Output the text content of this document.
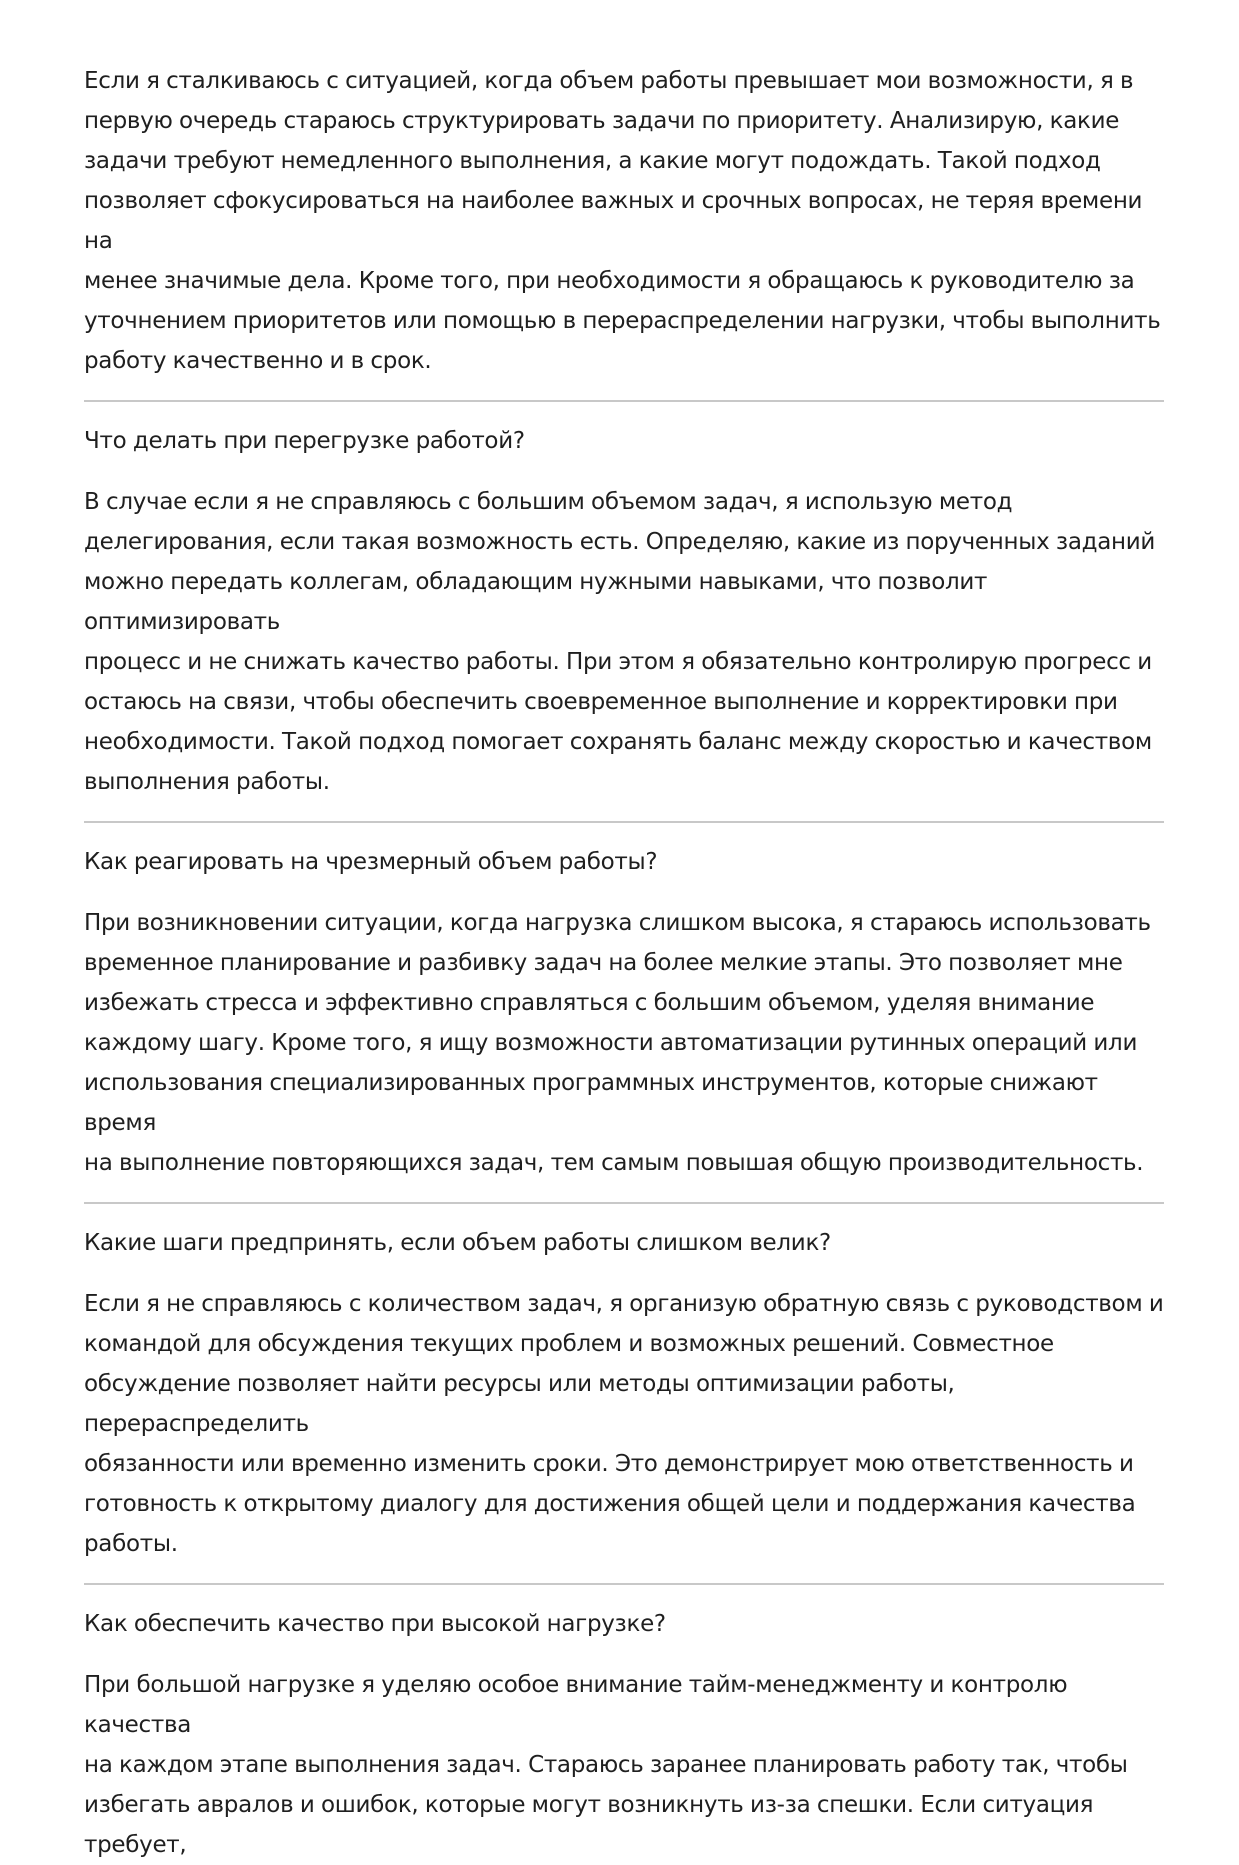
Если я сталкиваюсь с ситуацией, когда объем работы превышает мои возможности, я в
первую очередь стараюсь структурировать задачи по приоритету. Анализирую, какие
задачи требуют немедленного выполнения, а какие могут подождать. Такой подход
позволяет сфокусироваться на наиболее важных и срочных вопросах, не теряя времени на
менее значимые дела. Кроме того, при необходимости я обращаюсь к руководителю за
уточнением приоритетов или помощью в перераспределении нагрузки, чтобы выполнить
работу качественно и в срок.

Что делать при перегрузке работой?

В случае если я не справляюсь с большим объемом задач, я использую метод
делегирования, если такая возможность есть. Определяю, какие из порученных заданий
можно передать коллегам, обладающим нужными навыками, что позволит оптимизировать
процесс и не снижать качество работы. При этом я обязательно контролирую прогресс и
остаюсь на связи, чтобы обеспечить своевременное выполнение и корректировки при
необходимости. Такой подход помогает сохранять баланс между скоростью и качеством
выполнения работы.

Как реагировать на чрезмерный объем работы?

При возникновении ситуации, когда нагрузка слишком высока, я стараюсь использовать
временное планирование и разбивку задач на более мелкие этапы. Это позволяет мне
избежать стресса и эффективно справляться с большим объемом, уделяя внимание
каждому шагу. Кроме того, я ищу возможности автоматизации рутинных операций или
использования специализированных программных инструментов, которые снижают время
на выполнение повторяющихся задач, тем самым повышая общую производительность.

Какие шаги предпринять, если объем работы слишком велик?

Если я не справляюсь с количеством задач, я организую обратную связь с руководством и
командой для обсуждения текущих проблем и возможных решений. Совместное
обсуждение позволяет найти ресурсы или методы оптимизации работы, перераспределить
обязанности или временно изменить сроки. Это демонстрирует мою ответственность и
готовность к открытому диалогу для достижения общей цели и поддержания качества
работы.

Как обеспечить качество при высокой нагрузке?

При большой нагрузке я уделяю особое внимание тайм-менеджменту и контролю качества
на каждом этапе выполнения задач. Стараюсь заранее планировать работу так, чтобы
избегать авралов и ошибок, которые могут возникнуть из-за спешки. Если ситуация требует,
